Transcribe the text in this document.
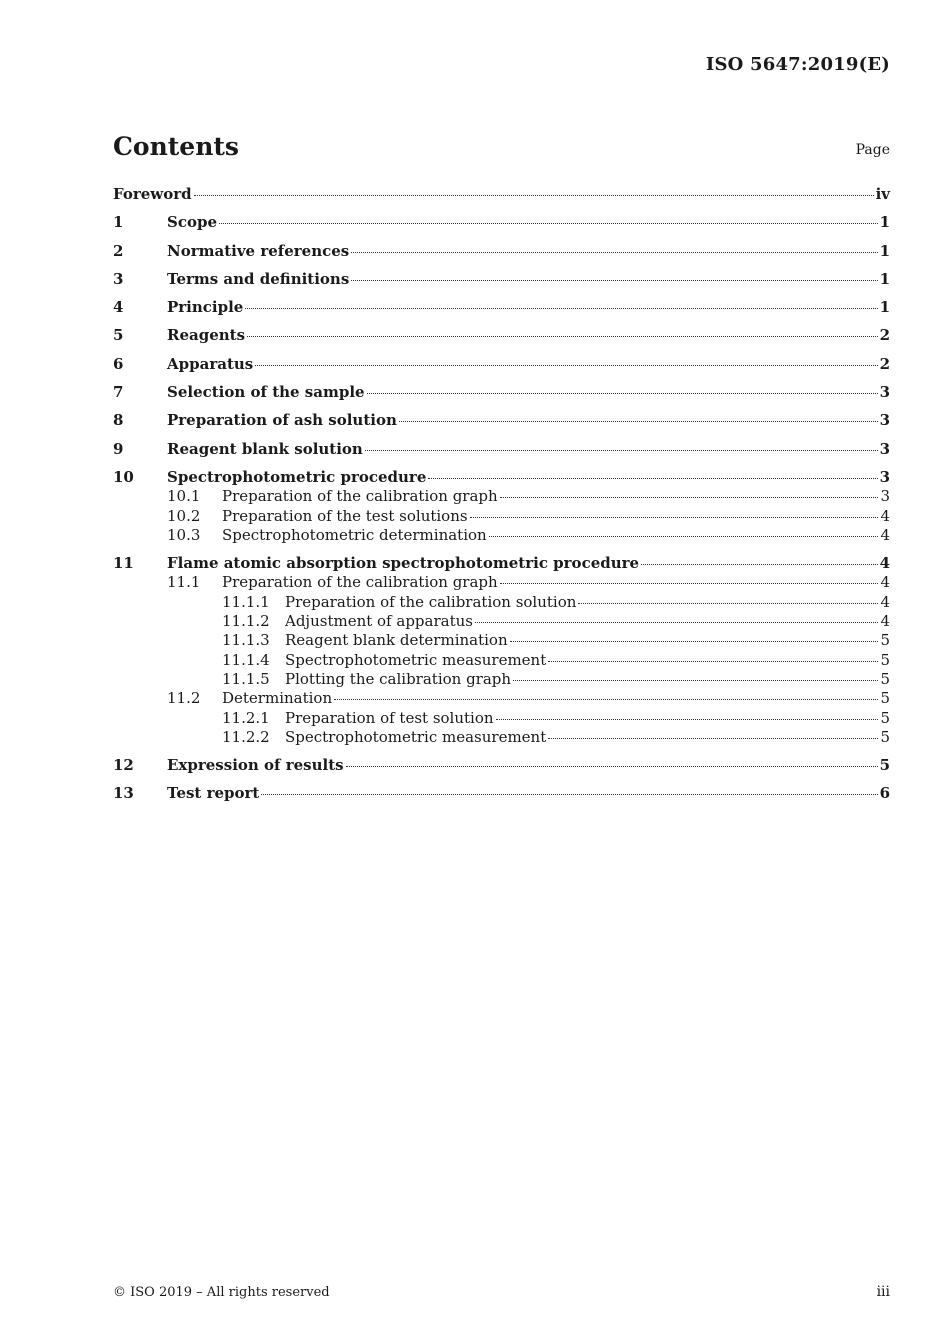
ISO 5647:2019(E)
Contents	Page
Foreword	iv
1	Scope	1
2	Normative references	1
3	Terms and definitions	1
4	Principle	1
5	Reagents	2
6	Apparatus	2
7	Selection of the sample	3
8	Preparation of ash solution	3
9	Reagent blank solution	3
10	Spectrophotometric procedure	3
10.1	Preparation of the calibration graph	3
10.2	Preparation of the test solutions	4
10.3	Spectrophotometric determination	4
11	Flame atomic absorption spectrophotometric procedure	4
11.1	Preparation of the calibration graph	4
11.1.1	Preparation of the calibration solution	4
11.1.2	Adjustment of apparatus	4
11.1.3	Reagent blank determination	5
11.1.4	Spectrophotometric measurement	5
11.1.5	Plotting the calibration graph	5
11.2	Determination	5
11.2.1	Preparation of test solution	5
11.2.2	Spectrophotometric measurement	5
12	Expression of results	5
13	Test report	6
© ISO 2019 – All rights reserved	iii
